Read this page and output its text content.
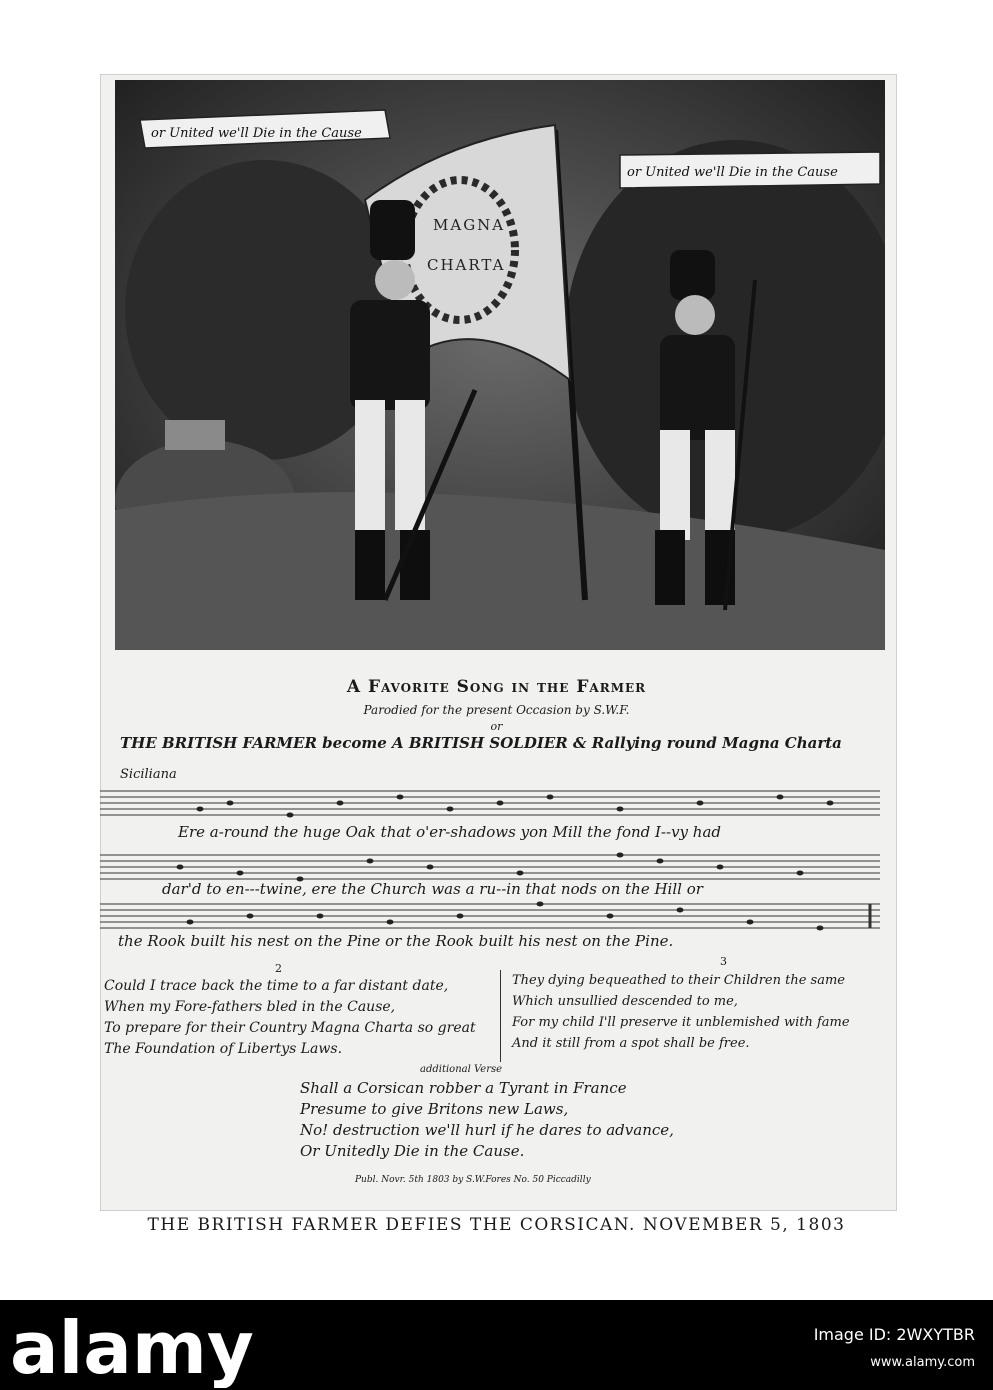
MAGNA
CHARTA
or United we'll Die in the Cause
or United we'll Die in the Cause
A Favorite Song in the Farmer
Parodied for the present Occasion by S.W.F.
or
THE BRITISH FARMER become A BRITISH SOLDIER & Rallying round Magna Charta
Siciliana
Ere a-round the huge Oak that o'er-shadows yon Mill the fond I--vy had
dar'd to en---twine, ere the Church was a ru--in that nods on the Hill or
the Rook built his nest on the Pine or the Rook built his nest on the Pine.
2
Could I trace back the time to a far distant date,
When my Fore-fathers bled in the Cause,
To prepare for their Country Magna Charta so great
The Foundation of Libertys Laws.
3
They dying bequeathed to their Children the same
Which unsullied descended to me,
For my child I'll preserve it unblemished with fame
And it still from a spot shall be free.
additional Verse
Shall a Corsican robber a Tyrant in France
Presume to give Britons new Laws,
No! destruction we'll hurl if he dares to advance,
Or Unitedly Die in the Cause.
Publ. Novr. 5th 1803 by S.W.Fores No. 50 Piccadilly
THE BRITISH FARMER DEFIES THE CORSICAN. NOVEMBER 5, 1803
alamy	Image ID: 2WXYTBR
www.alamy.com
